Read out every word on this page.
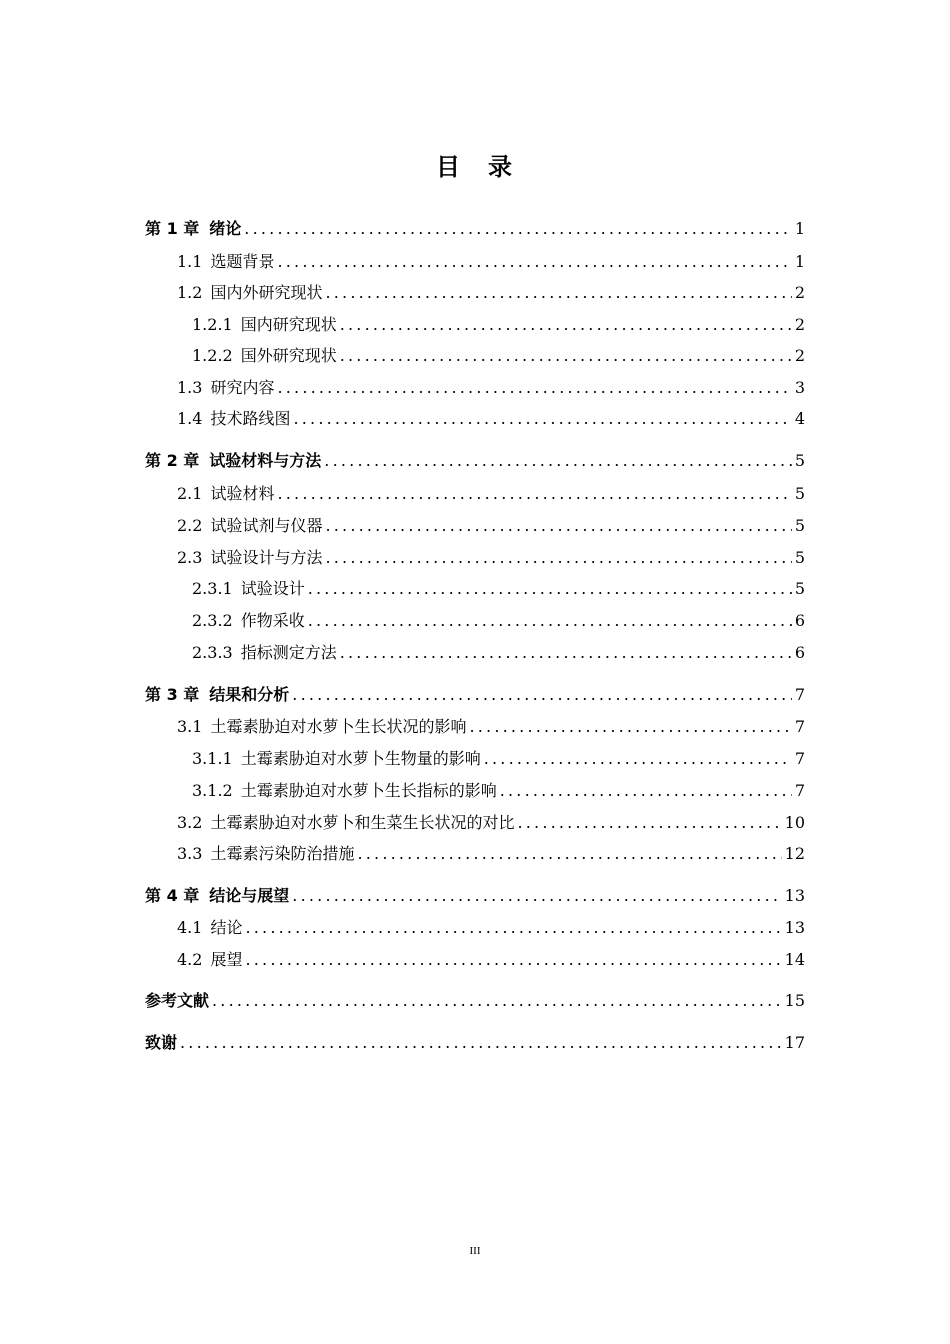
目 录
第 1 章 绪论 .....	1
1.1 选题背景 .....	1
1.2 国内外研究现状 .....	2
1.2.1 国内研究现状 .....	2
1.2.2 国外研究现状 .....	2
1.3 研究内容 .....	3
1.4 技术路线图 .....	4
第 2 章 试验材料与方法 .....	5
2.1 试验材料 .....	5
2.2 试验试剂与仪器 .....	5
2.3 试验设计与方法 .....	5
2.3.1 试验设计 .....	5
2.3.2 作物采收 .....	6
2.3.3 指标测定方法 .....	6
第 3 章 结果和分析 .....	7
3.1 土霉素胁迫对水萝卜生长状况的影响 .....	7
3.1.1 土霉素胁迫对水萝卜生物量的影响 .....	7
3.1.2 土霉素胁迫对水萝卜生长指标的影响 .....	7
3.2 土霉素胁迫对水萝卜和生菜生长状况的对比 .....	10
3.3 土霉素污染防治措施 .....	12
第 4 章 结论与展望 .....	13
4.1 结论 .....	13
4.2 展望 .....	14
参考文献 .....	15
致谢 .....	17
III
